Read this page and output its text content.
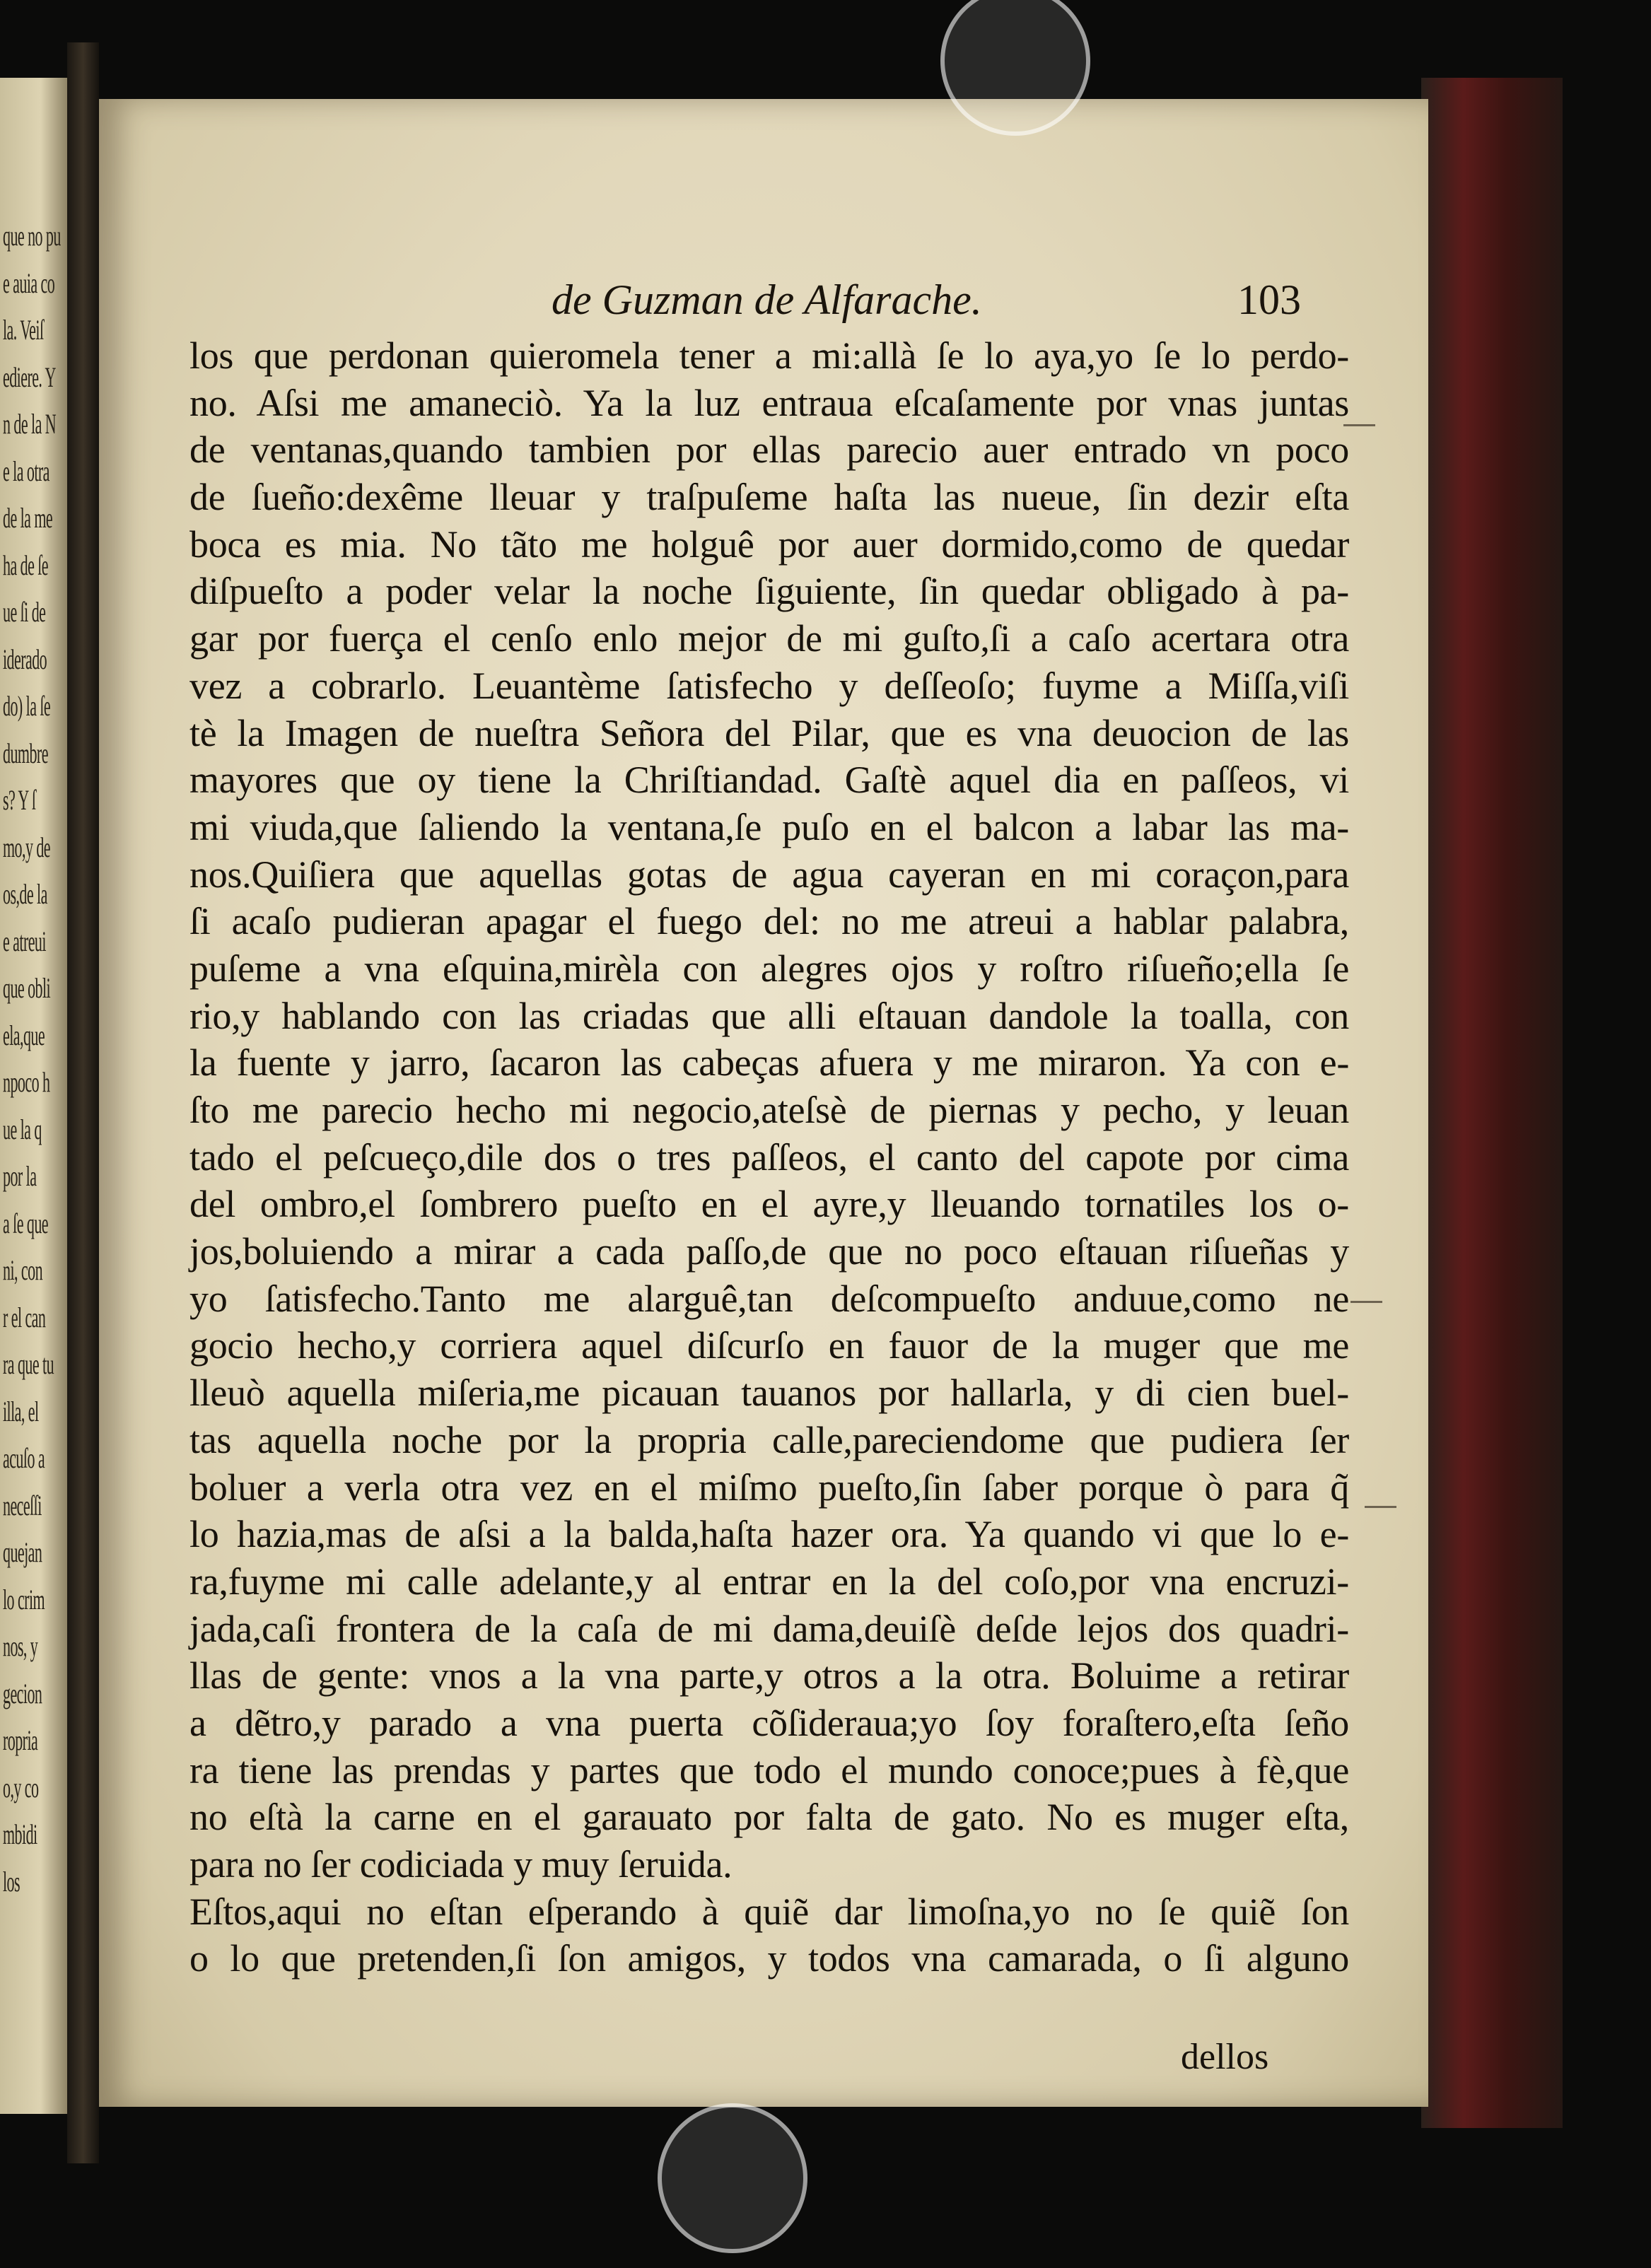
que no pu
e auia co
la. Veiſ
ediere. Y
n de la N
e la otra
de la me
ha de ſe
ue ſi de
iderado
do) la ſe
dumbre
s? Y ſ
mo,y de
os,de la
e atreui
que obli
ela,que
npoco h
ue la q
por la
a ſe que
ni, con
r el can
ra que tu
illa, el
acuſo a
neceſſi
quejan
lo crim
nos, y
gecion
ropria
o,y co
mbidi
los
de Guzman de Alfarache.	103
los que perdonan quieromela tener a mi:allà ſe lo aya,yo ſe lo perdo-
no. Aſsi me amaneciò. Ya la luz entraua eſcaſamente por vnas juntas
de ventanas,quando tambien por ellas parecio auer entrado vn poco
de ſueño:dexême lleuar y traſpuſeme haſta las nueue, ſin dezir eſta
boca es mia. No tãto me holguê por auer dormido,como de quedar
diſpueſto a poder velar la noche ſiguiente, ſin quedar obligado à pa-
gar por fuerça el cenſo enlo mejor de mi guſto,ſi a caſo acertara otra
vez a cobrarlo. Leuantème ſatisfecho y deſſeoſo; fuyme a Miſſa,viſi
tè la Imagen de nueſtra Señora del Pilar, que es vna deuocion de las
mayores que oy tiene la Chriſtiandad. Gaſtè aquel dia en paſſeos, vi
mi viuda,que ſaliendo la ventana,ſe puſo en el balcon a labar las ma-
nos.Quiſiera que aquellas gotas de agua cayeran en mi coraçon,para
ſi acaſo pudieran apagar el fuego del: no me atreui a hablar palabra,
puſeme a vna eſquina,mirèla con alegres ojos y roſtro riſueño;ella ſe
rio,y hablando con las criadas que alli eſtauan dandole la toalla, con
la fuente y jarro, ſacaron las cabeças afuera y me miraron. Ya con e-
ſto me parecio hecho mi negocio,ateſsè de piernas y pecho, y leuan
tado el peſcueço,dile dos o tres paſſeos, el canto del capote por cima
del ombro,el ſombrero pueſto en el ayre,y lleuando tornatiles los o-
jos,boluiendo a mirar a cada paſſo,de que no poco eſtauan riſueñas y
yo ſatisfecho.Tanto me alarguê,tan deſcompueſto anduue,como ne
gocio hecho,y corriera aquel diſcurſo en fauor de la muger que me
lleuò aquella miſeria,me picauan tauanos por hallarla, y di cien buel-
tas aquella noche por la propria calle,pareciendome que pudiera ſer
boluer a verla otra vez en el miſmo pueſto,ſin ſaber porque ò para q̃
lo hazia,mas de aſsi a la balda,haſta hazer ora. Ya quando vi que lo e-
ra,fuyme mi calle adelante,y al entrar en la del coſo,por vna encruzi-
jada,caſi frontera de la caſa de mi dama,deuiſè deſde lejos dos quadri-
llas de gente: vnos a la vna parte,y otros a la otra. Boluime a retirar
a dẽtro,y parado a vna puerta cõſideraua;yo ſoy foraſtero,eſta ſeño
ra tiene las prendas y partes que todo el mundo conoce;pues à fè,que
no eſtà la carne en el garauato por falta de gato. No es muger eſta,
para no ſer codiciada y muy ſeruida.
Eſtos,aqui no eſtan eſperando à quiẽ dar limoſna,yo no ſe quiẽ ſon
o lo que pretenden,ſi ſon amigos, y todos vna camarada, o ſi alguno
dellos
